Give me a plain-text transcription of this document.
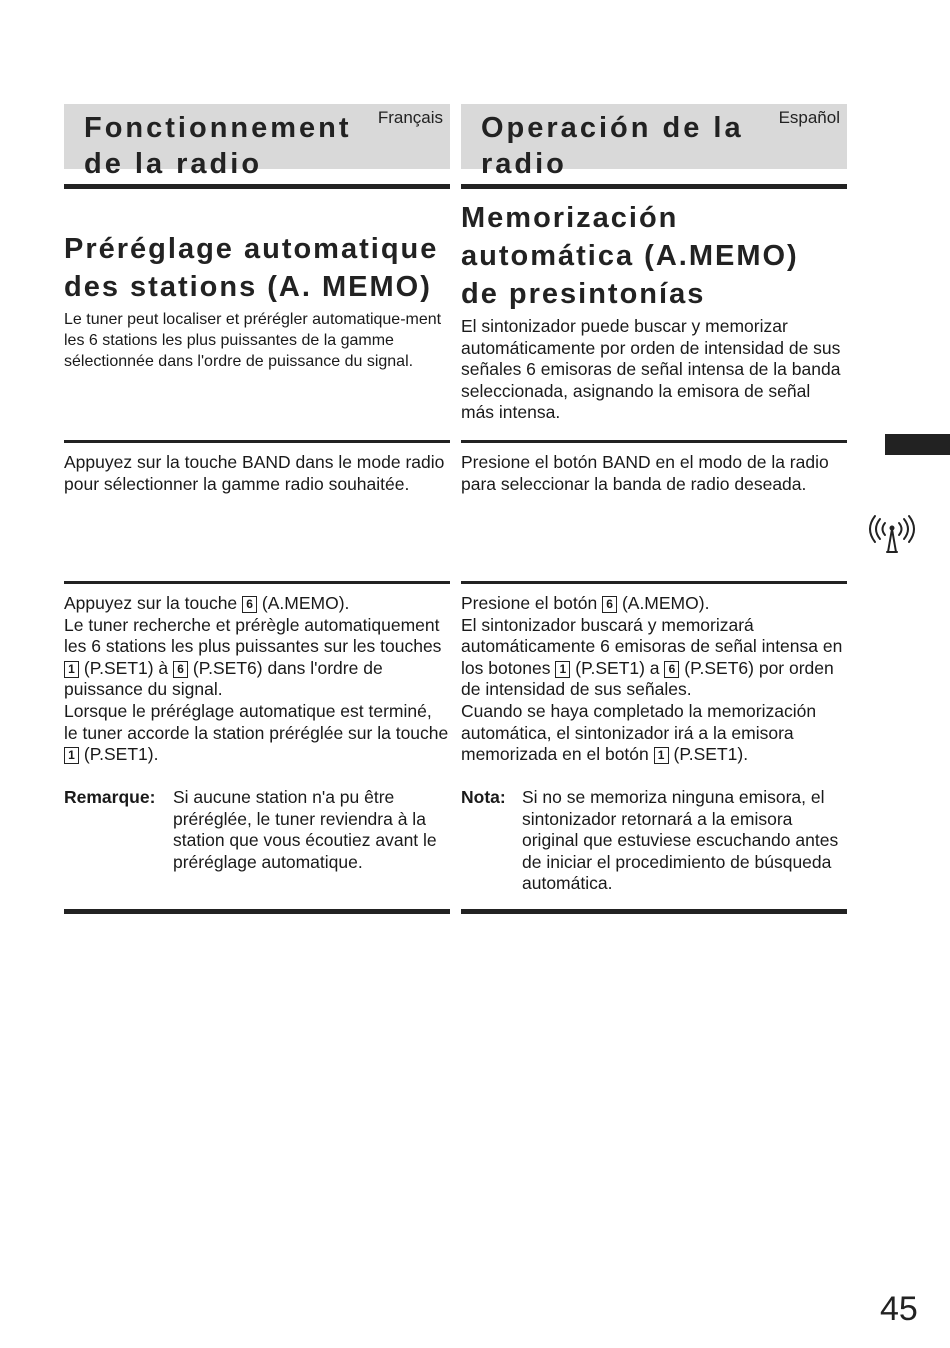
Fonctionnement
de la radio
Français
Préréglage automatique
des stations (A. MEMO)
Le tuner peut localiser et prérégler automatique-ment les 6 stations les plus puissantes de la gamme sélectionnée dans l'ordre de puissance du signal.
Appuyez sur la touche BAND dans le mode radio pour sélectionner la gamme radio souhaitée.
Appuyez sur la touche 6 (A.MEMO).
Le tuner recherche et prérègle automatiquement les 6 stations les plus puissantes sur les touches 1 (P.SET1) à 6 (P.SET6) dans l'ordre de puissance du signal.
Lorsque le préréglage automatique est terminé, le tuner accorde la station préréglée sur la touche 1 (P.SET1).
Remarque: Si aucune station n'a pu être préréglée, le tuner reviendra à la station que vous écoutiez avant le préréglage automatique.
Operación de la
radio
Español
Memorización
automática (A.MEMO)
de presintonías
El sintonizador puede buscar y memorizar automáticamente por orden de intensidad de sus señales 6 emisoras de señal intensa de la banda seleccionada, asignando la emisora de señal más intensa.
Presione el botón BAND en el modo de la radio para seleccionar la banda de radio deseada.
Presione el botón 6 (A.MEMO).
El sintonizador buscará y memorizará automáticamente 6 emisoras de señal intensa en los botones 1 (P.SET1) a 6 (P.SET6) por orden de intensidad de sus señales.
Cuando se haya completado la memorización automática, el sintonizador irá a la emisora memorizada en el botón 1 (P.SET1).
Nota: Si no se memoriza ninguna emisora, el sintonizador retornará a la emisora original que estuviese escuchando antes de iniciar el procedimiento de búsqueda automática.
45
